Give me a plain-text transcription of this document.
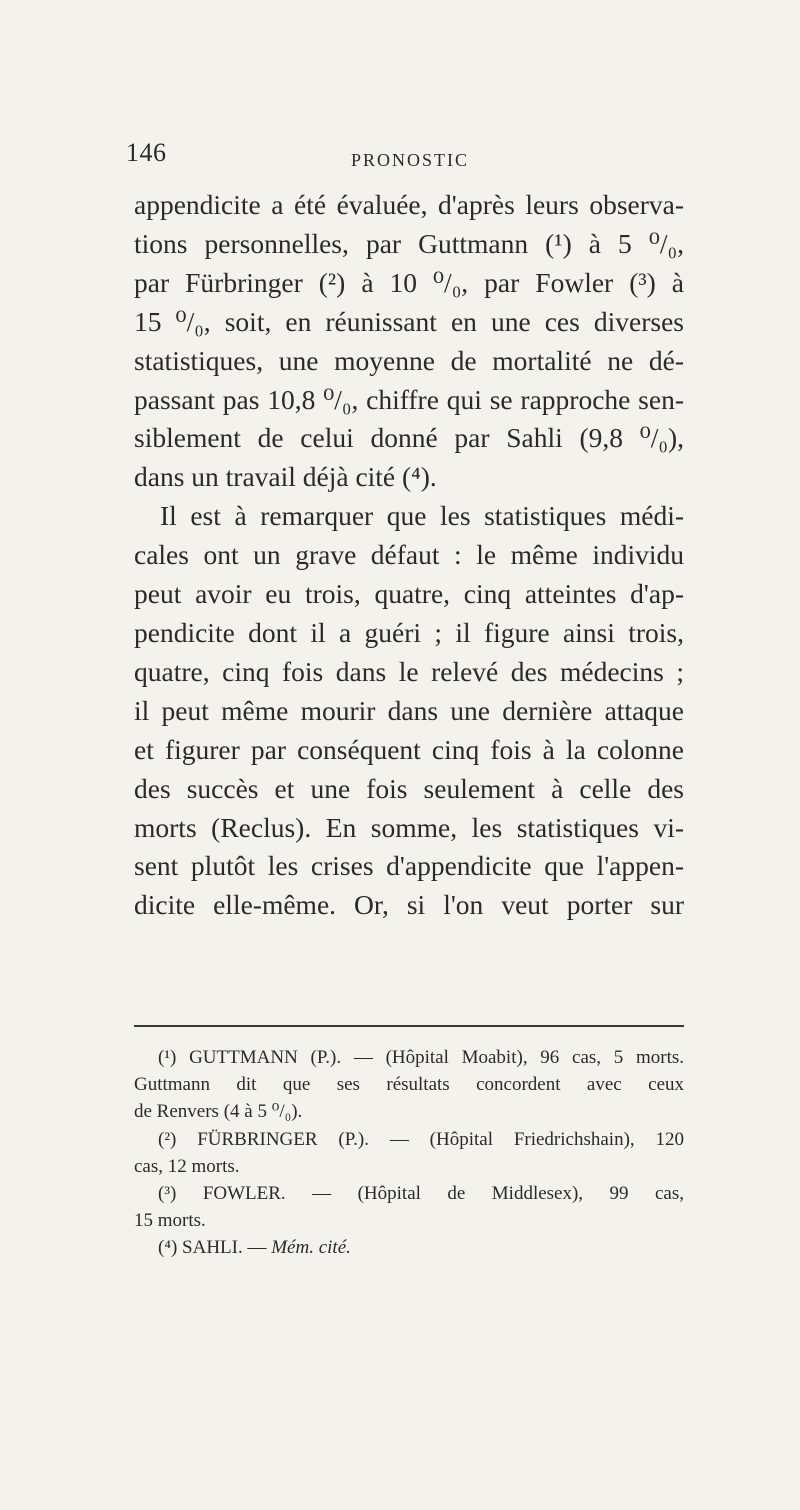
146	PRONOSTIC
appendicite a été évaluée, d'après leurs observa-
tions personnelles, par Guttmann (¹) à 5 ⁰/₀,
par Fürbringer (²) à 10 ⁰/₀, par Fowler (³) à
15 ⁰/₀, soit, en réunissant en une ces diverses
statistiques, une moyenne de mortalité ne dé-
passant pas 10,8 ⁰/₀, chiffre qui se rapproche sen-
siblement de celui donné par Sahli (9,8 ⁰/₀),
dans un travail déjà cité (⁴).
Il est à remarquer que les statistiques médi-
cales ont un grave défaut : le même individu
peut avoir eu trois, quatre, cinq atteintes d'ap-
pendicite dont il a guéri ; il figure ainsi trois,
quatre, cinq fois dans le relevé des médecins ;
il peut même mourir dans une dernière attaque
et figurer par conséquent cinq fois à la colonne
des succès et une fois seulement à celle des
morts (Reclus). En somme, les statistiques vi-
sent plutôt les crises d'appendicite que l'appen-
dicite elle-même. Or, si l'on veut porter sur
(¹) GUTTMANN (P.). — (Hôpital Moabit), 96 cas, 5 morts.
Guttmann dit que ses résultats concordent avec ceux
de Renvers (4 à 5 ⁰/₀).
(²) FÜRBRINGER (P.). — (Hôpital Friedrichshain), 120
cas, 12 morts.
(³) FOWLER. — (Hôpital de Middlesex), 99 cas,
15 morts.
(⁴) SAHLI. — Mém. cité.
